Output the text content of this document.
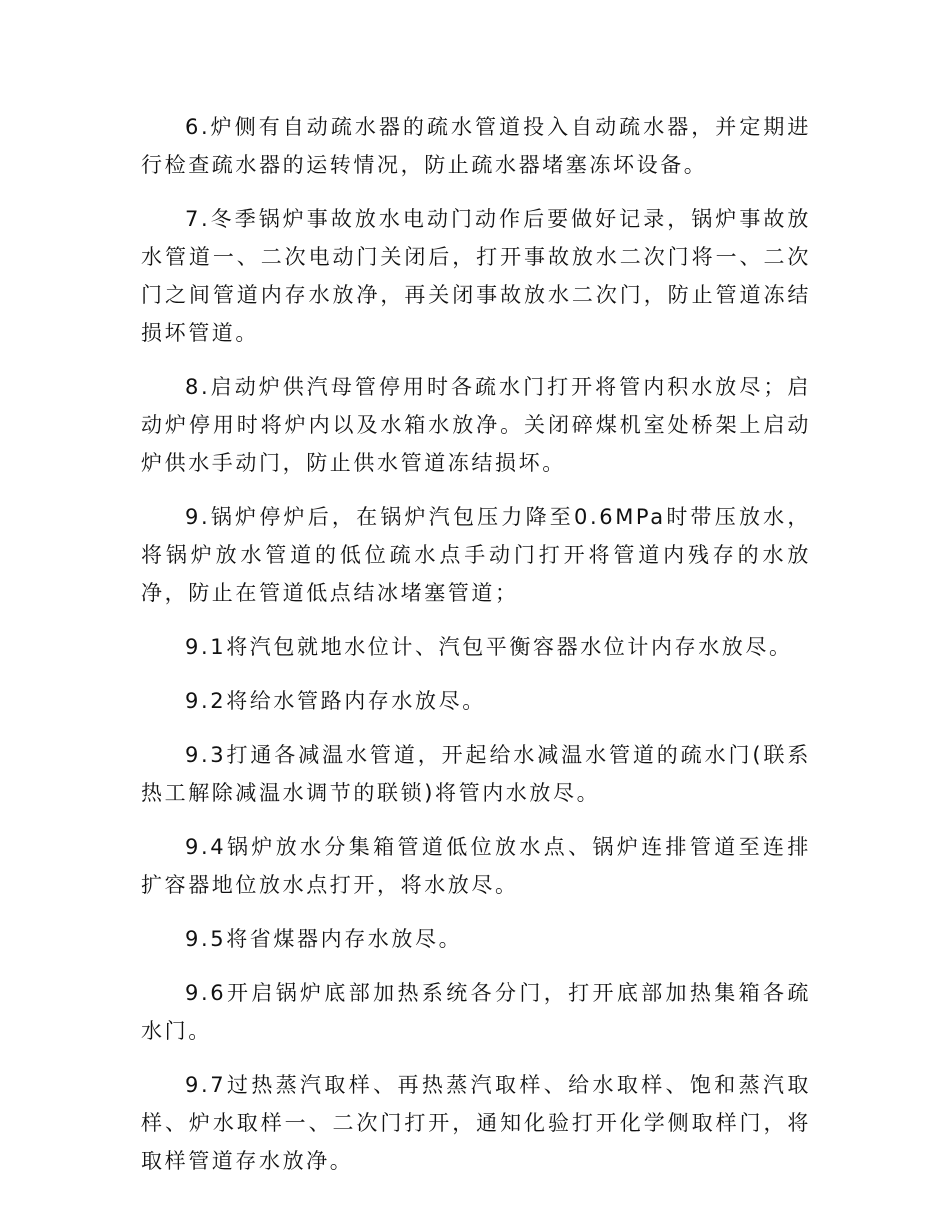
6.炉侧有自动疏水器的疏水管道投入自动疏水器，并定期进行检查疏水器的运转情况，防止疏水器堵塞冻坏设备。

7.冬季锅炉事故放水电动门动作后要做好记录，锅炉事故放水管道一、二次电动门关闭后，打开事故放水二次门将一、二次门之间管道内存水放净，再关闭事故放水二次门，防止管道冻结损坏管道。

8.启动炉供汽母管停用时各疏水门打开将管内积水放尽；启动炉停用时将炉内以及水箱水放净。关闭碎煤机室处桥架上启动炉供水手动门，防止供水管道冻结损坏。

9.锅炉停炉后，在锅炉汽包压力降至0.6MPa时带压放水，将锅炉放水管道的低位疏水点手动门打开将管道内残存的水放净，防止在管道低点结冰堵塞管道；

9.1将汽包就地水位计、汽包平衡容器水位计内存水放尽。

9.2将给水管路内存水放尽。

9.3打通各减温水管道，开起给水减温水管道的疏水门(联系热工解除减温水调节的联锁)将管内水放尽。

9.4锅炉放水分集箱管道低位放水点、锅炉连排管道至连排扩容器地位放水点打开，将水放尽。

9.5将省煤器内存水放尽。

9.6开启锅炉底部加热系统各分门，打开底部加热集箱各疏水门。

9.7过热蒸汽取样、再热蒸汽取样、给水取样、饱和蒸汽取样、炉水取样一、二次门打开，通知化验打开化学侧取样门，将取样管道存水放净。
